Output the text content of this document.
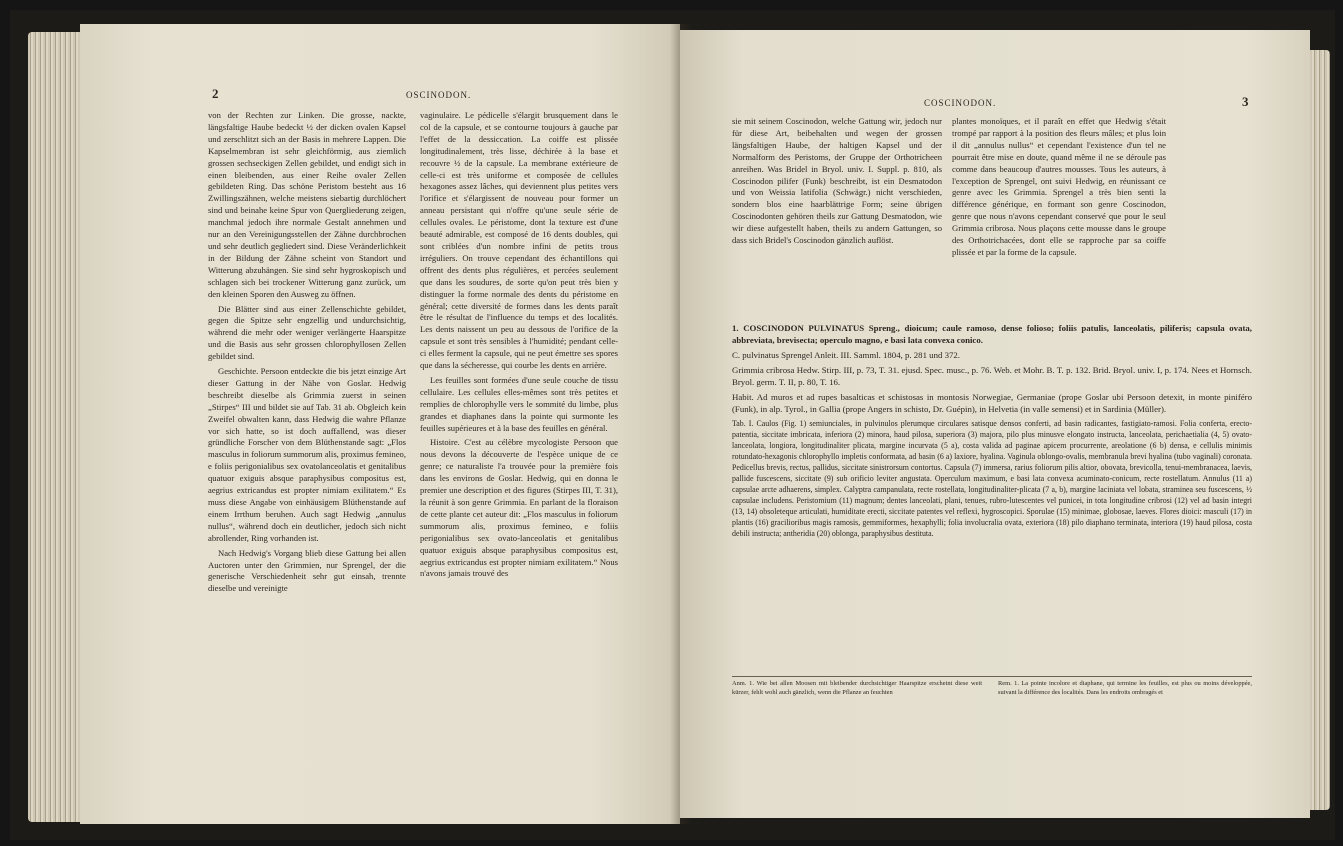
2	OSCINODON.

von der Rechten zur Linken. Die grosse, nackte, längsfaltige Haube bedeckt ½ der dicken ovalen Kapsel und zerschlitzt sich an der Basis in mehrere Lappen. Die Kapselmembran ist sehr gleichförmig, aus ziemlich grossen sechseckigen Zellen gebildet, und endigt sich in einen bleibenden, aus einer Reihe ovaler Zellen gebildeten Ring. Das schöne Peristom besteht aus 16 Zwillingszähnen, welche meistens siebartig durchlöchert sind und beinahe keine Spur von Quergliederung zeigen, manchmal jedoch ihre normale Gestalt annehmen und nur an den Vereinigungsstellen der Zähne durchbrochen und sehr deutlich gegliedert sind. Diese Veränderlichkeit in der Bildung der Zähne scheint von Standort und Witterung abzuhängen. Sie sind sehr hygroskopisch und schlagen sich bei trockener Witterung ganz zurück, um den kleinen Sporen den Ausweg zu öffnen.

Die Blätter sind aus einer Zellenschichte gebildet, gegen die Spitze sehr engzellig und undurchsichtig, während die mehr oder weniger verlängerte Haarspitze und die Basis aus sehr grossen chlorophyllosen Zellen gebildet sind.

Geschichte. Persoon entdeckte die bis jetzt einzige Art dieser Gattung in der Nähe von Goslar. Hedwig beschreibt dieselbe als Grimmia zuerst in seinen „Stirpes“ III und bildet sie auf Tab. 31 ab. Obgleich kein Zweifel obwalten kann, dass Hedwig die wahre Pflanze vor sich hatte, so ist doch auffallend, was dieser gründliche Forscher von dem Blüthenstande sagt: „Flos masculus in foliorum summorum alis, proximus femineo, e foliis perigonialibus sex ovatolanceolatis et genitalibus quatuor exiguis absque paraphysibus compositus est, aegrius extricandus est propter nimiam exilitatem.“ Es muss diese Angabe von einhäusigem Blüthenstande auf einem Irrthum beruhen. Auch sagt Hedwig „annulus nullus“, während doch ein deutlicher, jedoch sich nicht abrollender, Ring vorhanden ist.

Nach Hedwig's Vorgang blieb diese Gattung bei allen Auctoren unter den Grimmien, nur Sprengel, der die generische Verschiedenheit sehr gut einsah, trennte dieselbe und vereinigte

vaginulaire. Le pédicelle s'élargit brusquement dans le col de la capsule, et se contourne toujours à gauche par l'effet de la dessiccation. La coiffe est plissée longitudinalement, très lisse, déchirée à la base et recouvre ½ de la capsule. La membrane extérieure de celle-ci est très uniforme et composée de cellules hexagones assez lâches, qui deviennent plus petites vers l'orifice et s'élargissent de nouveau pour former un anneau persistant qui n'offre qu'une seule série de cellules ovales. Le péristome, dont la texture est d'une beauté admirable, est composé de 16 dents doubles, qui sont criblées d'un nombre infini de petits trous irréguliers. On trouve cependant des échantillons qui offrent des dents plus régulières, et percées seulement que dans les soudures, de sorte qu'on peut très bien y distinguer la forme normale des dents du péristome en général; cette diversité de formes dans les dents paraît être le résultat de l'influence du temps et des localités. Les dents naissent un peu au dessous de l'orifice de la capsule et sont très sensibles à l'humidité; pendant celle-ci elles ferment la capsule, qui ne peut émettre ses spores que dans la sécheresse, qui courbe les dents en arrière.

Les feuilles sont formées d'une seule couche de tissu cellulaire. Les cellules elles-mêmes sont très petites et remplies de chlorophylle vers le sommité du limbe, plus grandes et diaphanes dans la pointe qui surmonte les feuilles supérieures et à la base des feuilles en général.

Histoire. C'est au célèbre mycologiste Persoon que nous devons la découverte de l'espèce unique de ce genre; ce naturaliste l'a trouvée pour la première fois dans les environs de Goslar. Hedwig, qui en donna le premier une description et des figures (Stirpes III, T. 31), la réunit à son genre Grimmia. En parlant de la floraison de cette plante cet auteur dit: „Flos masculus in foliorum summorum alis, proximus femineo, e foliis perigonialibus sex ovato-lanceolatis et genitalibus quatuor exiguis absque paraphysibus compositus est, aegrius extricandus est propter nimiam exilitatem.“ Nous n'avons jamais trouvé des

COSCINODON.	3

sie mit seinem Coscinodon, welche Gattung wir, jedoch nur für diese Art, beibehalten und wegen der grossen längsfaltigen Haube, der haltigen Kapsel und der Normalform des Peristoms, der Gruppe der Orthotricheen anreihen. Was Bridel in Bryol. univ. I. Suppl. p. 810, als Coscinodon pilifer (Funk) beschreibt, ist ein Desmatodon und von Weissia latifolia (Schwägr.) nicht verschieden, sondern blos eine haarblättrige Form; seine übrigen Coscinodonten gehören theils zur Gattung Desmatodon, wie wir diese aufgestellt haben, theils zu andern Gattungen, so dass sich Bridel's Coscinodon gänzlich auflöst.

plantes monoïques, et il paraît en effet que Hedwig s'était trompé par rapport à la position des fleurs mâles; et plus loin il dit „annulus nullus“ et cependant l'existence d'un tel ne pourrait être mise en doute, quand même il ne se déroule pas comme dans beaucoup d'autres mousses. Tous les auteurs, à l'exception de Sprengel, ont suivi Hedwig, en réunissant ce genre avec les Grimmia. Sprengel a très bien senti la différence générique, en formant son genre Coscinodon, genre que nous n'avons cependant conservé que pour le seul Grimmia cribrosa. Nous plaçons cette mousse dans le groupe des Orthotrichacées, dont elle se rapproche par sa coiffe plissée et par la forme de la capsule.

1. COSCINODON PULVINATUS Spreng., dioicum; caule ramoso, dense folioso; foliis patulis, lanceolatis, piliferis; capsula ovata, abbreviata, brevisecta; operculo magno, e basi lata convexa conico.

C. pulvinatus Sprengel Anleit. III. Samml. 1804, p. 281 und 372.

Grimmia cribrosa Hedw. Stirp. III, p. 73, T. 31. ejusd. Spec. musc., p. 76. Web. et Mohr. B. T. p. 132. Brid. Bryol. univ. I, p. 174. Nees et Hornsch. Bryol. germ. T. II, p. 80, T. 16.

Habit. Ad muros et ad rupes basalticas et schistosas in montosis Norwegiae, Germaniae (prope Goslar ubi Persoon detexit, in monte piniféro (Funk), in alp. Tyrol., in Gallia (prope Angers in schisto, Dr. Guépin), in Helvetia (in valle semensi) et in Sardinia (Müller).

Tab. I. Caulos (Fig. 1) semiunciales, in pulvinulos plerumque circulares satisque densos conferti, ad basin radicantes, fastigiato-ramosi. Folia conferta, erecto-patentia, siccitate imbricata, inferiora (2) minora, haud pilosa, superiora (3) majora, pilo plus minusve elongato instructa, lanceolata, perichaetialia (4, 5) ovato-lanceolata, longiora, longitudinaliter plicata, margine incurvata (5 a), costa valida ad paginae apicem procurrente, areolatione (6 b) densa, e cellulis minimis rotundato-hexagonis chlorophyllo impletis conformata, ad basin (6 a) laxiore, hyalina. Vaginula oblongo-ovalis, membranula brevi hyalina (tubo vaginali) coronata. Pedicellus brevis, rectus, pallidus, siccitate sinistrorsum contortus. Capsula (7) immersa, rarius foliorum pilis altior, obovata, brevicolla, tenui-membranacea, laevis, pallide fuscescens, siccitate (9) sub orificio leviter angustata. Operculum maximum, e basi lata convexa acuminato-conicum, recte rostellatum. Annulus (11 a) capsulae arcte adhaerens, simplex. Calyptra campanulata, recte rostellata, longitudinaliter-plicata (7 a, b), margine laciniata vel lobata, straminea seu fuscescens, ½ capsulae includens. Peristomium (11) magnum; dentes lanceolati, plani, tenues, rubro-lutescentes vel punicei, in tota longitudine cribrosi (12) vel ad basin integri (13, 14) obsoleteque articulati, humiditate erecti, siccitate patentes vel reflexi, hygroscopici. Sporulae (15) minimae, globosae, laeves. Flores dioici: masculi (17) in plantis (16) gracilioribus magis ramosis, gemmiformes, hexaphylli; folia involucralia ovata, exteriora (18) pilo diaphano terminata, interiora (19) haud pilosa, costa debili instructa; antheridia (20) oblonga, paraphysibus destituta.

Anm. 1. Wie bei allen Moosen mit bleibender durchsichtiger Haarspitze erscheint diese weit kürzer, fehlt wohl auch gänzlich, wenn die Pflanze an feuchten
Rem. 1. La pointe incolore et diaphane, qui termine les feuilles, est plus ou moins développée, suivant la différence des localités. Dans les endroits ombragés et
